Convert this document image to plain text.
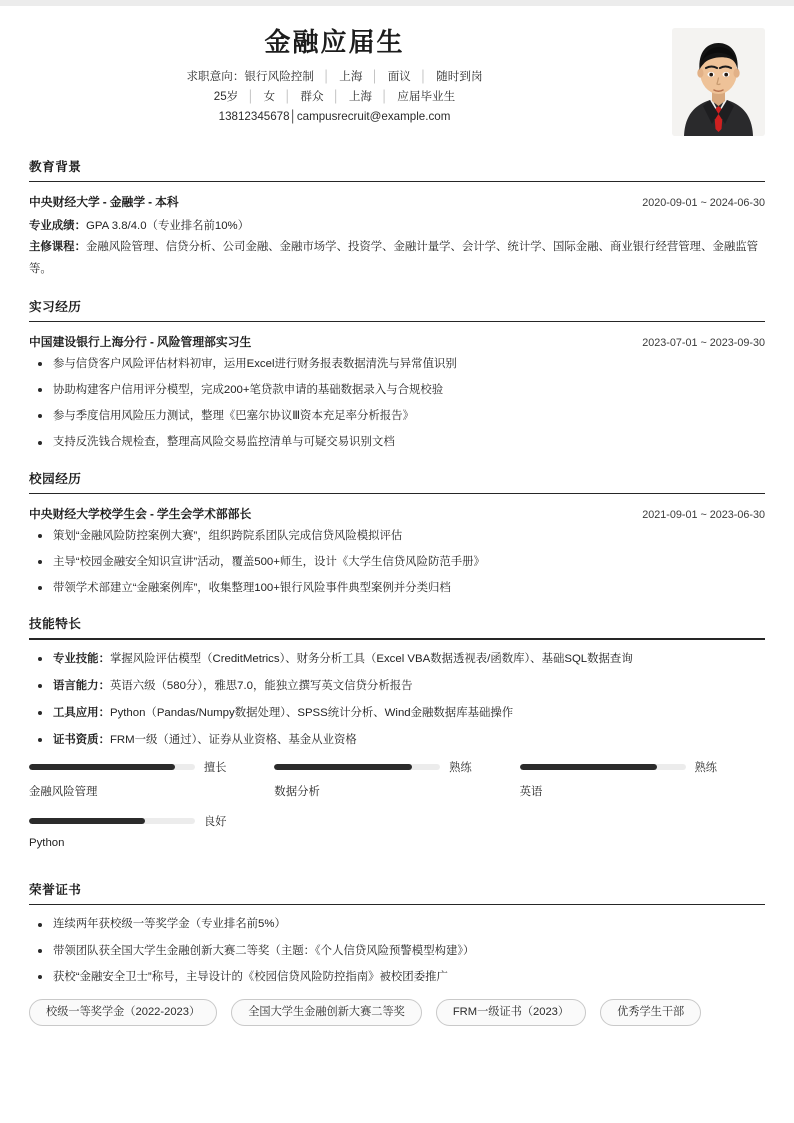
金融应届生
求职意向：银行风险控制 │ 上海 │ 面议 │ 随时到岗
25岁 │ 女 │ 群众 │ 上海 │ 应届毕业生
13812345678│campusrecruit@example.com
教育背景
中央财经大学 - 金融学 - 本科	2020-09-01 ~ 2024-06-30
专业成绩：GPA 3.8/4.0（专业排名前10%）
主修课程：金融风险管理、信贷分析、公司金融、金融市场学、投资学、金融计量学、会计学、统计学、国际金融、商业银行经营管理、金融监管等。
实习经历
中国建设银行上海分行 - 风险管理部实习生	2023-07-01 ~ 2023-09-30
参与信贷客户风险评估材料初审，运用Excel进行财务报表数据清洗与异常值识别
协助构建客户信用评分模型，完成200+笔贷款申请的基础数据录入与合规校验
参与季度信用风险压力测试，整理《巴塞尔协议Ⅲ资本充足率分析报告》
支持反洗钱合规检查，整理高风险交易监控清单与可疑交易识别文档
校园经历
中央财经大学校学生会 - 学生会学术部部长	2021-09-01 ~ 2023-06-30
策划“金融风险防控案例大赛”，组织跨院系团队完成信贷风险模拟评估
主导“校园金融安全知识宣讲”活动，覆盖500+师生，设计《大学生信贷风险防范手册》
带领学术部建立“金融案例库”，收集整理100+银行风险事件典型案例并分类归档
技能特长
专业技能：掌握风险评估模型（CreditMetrics）、财务分析工具（Excel VBA数据透视表/函数库）、基础SQL数据查询
语言能力：英语六级（580分），雅思7.0，能独立撰写英文信贷分析报告
工具应用：Python（Pandas/Numpy数据处理）、SPSS统计分析、Wind金融数据库基础操作
证书资质：FRM一级（通过）、证券从业资格、基金从业资格
擅长
金融风险管理
熟练
数据分析
熟练
英语
良好
Python
荣誉证书
连续两年获校级一等奖学金（专业排名前5%）
带领团队获全国大学生金融创新大赛二等奖（主题：《个人信贷风险预警模型构建》）
获校“金融安全卫士”称号，主导设计的《校园信贷风险防控指南》被校团委推广
校级一等奖学金（2022-2023）	全国大学生金融创新大赛二等奖	FRM一级证书（2023）	优秀学生干部
